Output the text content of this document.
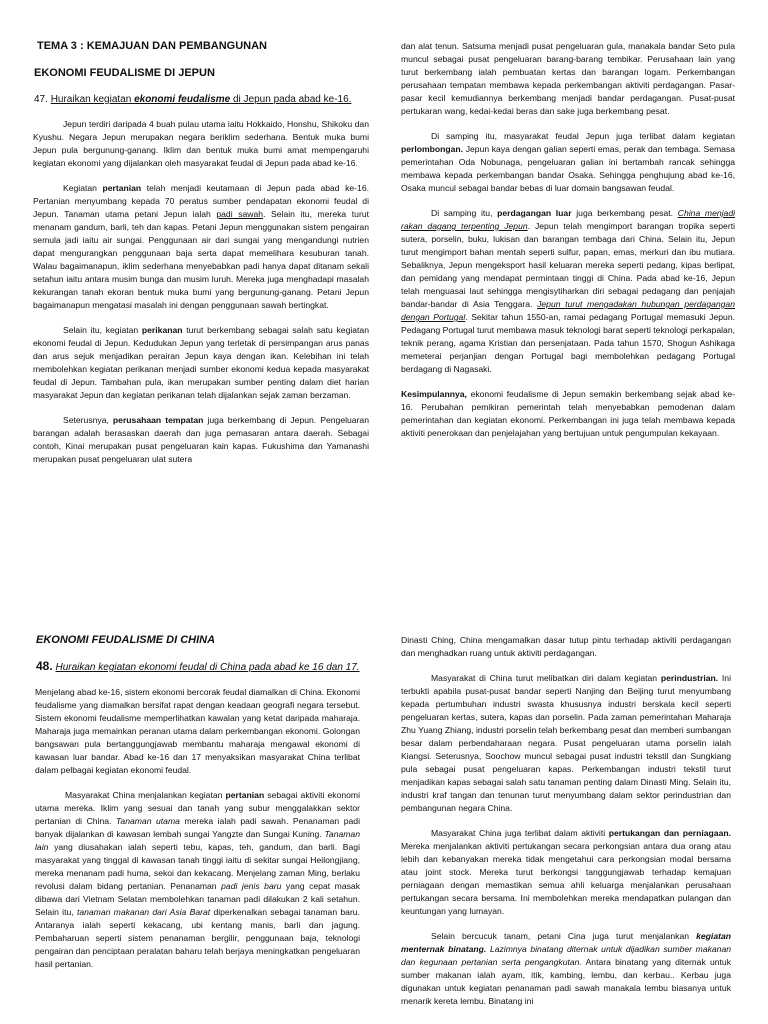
TEMA 3 : KEMAJUAN DAN PEMBANGUNAN
EKONOMI FEUDALISME DI JEPUN
47. Huraikan kegiatan ekonomi feudalisme di Jepun pada abad ke-16.

Jepun terdiri daripada 4 buah pulau utama iaitu Hokkaido, Honshu, Shikoku dan Kyushu. Negara Jepun merupakan negara beriklim sederhana. Bentuk muka bumi Jepun pula bergunung-ganang. Iklim dan bentuk muka bumi amat mempengaruhi kegiatan ekonomi yang dijalankan oleh masyarakat feudal di Jepun pada abad ke-16.

Kegiatan pertanian telah menjadi keutamaan di Jepun pada abad ke-16. Pertanian menyumbang kepada 70 peratus sumber pendapatan ekonomi feudal di Jepun. Tanaman utama petani Jepun ialah padi sawah. Selain itu, mereka turut menanam gandum, barli, teh dan kapas. Petani Jepun menggunakan sistem pengairan semula jadi iaitu air sungai. Penggunaan air dari sungai yang mengandungi nutrien dapat mengurangkan penggunaan baja serta dapat memelihara kesuburan tanah. Walau bagaimanapun, iklim sederhana menyebabkan padi hanya dapat ditanam sekali setahun iaitu antara musim bunga dan musim luruh. Mereka juga menghadapi masalah kekurangan tanah ekoran bentuk muka bumi yang bergunung-ganang. Petani Jepun bagaimanapun mengatasi masalah ini dengan penggunaan sawah bertingkat.

Selain itu, kegiatan perikanan turut berkembang sebagai salah satu kegiatan ekonomi feudal di Jepun. Kedudukan Jepun yang terletak di persimpangan arus panas dan arus sejuk menjadikan perairan Jepun kaya dengan ikan. Kelebihan ini telah membolehkan kegiatan perikanan menjadi sumber ekonomi kedua kepada masyarakat feudal di Jepun. Tambahan pula, ikan merupakan sumber penting dalam diet harian masyarakat Jepun dan kegiatan perikanan telah dijalankan sejak zaman berzaman.

Seterusnya, perusahaan tempatan juga berkembang di Jepun. Pengeluaran barangan adalah berasaskan daerah dan juga pemasaran antara daerah. Sebagai contoh, Kinai merupakan pusat pengeluaran kain kapas. Fukushima dan Yamanashi merupakan pusat pengeluaran ulat sutera

dan alat tenun. Satsuma menjadi pusat pengeluaran gula, manakala bandar Seto pula muncul sebagai pusat pengeluaran barang-barang tembikar. Perusahaan lain yang turut berkembang ialah pembuatan kertas dan barangan logam. Perkembangan perusahaan tempatan membawa kepada perkembangan aktiviti perdagangan. Pasar-pasar kecil kemudiannya berkembang menjadi bandar perdagangan. Pusat-pusat pertukaran wang, kedai-kedai beras dan sake juga berkembang pesat.

Di samping itu, masyarakat feudal Jepun juga terlibat dalam kegiatan perlombongan. Jepun kaya dengan galian seperti emas, perak dan tembaga. Semasa pemerintahan Oda Nobunaga, pengeluaran galian ini bertambah rancak sehingga membawa kepada perkembangan bandar Osaka. Sehingga penghujung abad ke-16, Osaka muncul sebagai bandar bebas di luar domain bangsawan feudal.

Di samping itu, perdagangan luar juga berkembang pesat. China menjadi rakan dagang terpenting Jepun. Jepun telah mengimport barangan tropika seperti sutera, porselin, buku, lukisan dan barangan tembaga dari China. Selain itu, Jepun turut mengimport bahan mentah seperti sulfur, papan, emas, merkuri dan ibu mutiara. Sebaliknya, Jepun mengeksport hasil keluaran mereka seperti pedang, kipas berlipat, dan pemidang yang mendapat permintaan tinggi di China. Pada abad ke-16, Jepun telah menguasai laut sehingga mengisytiharkan diri sebagai pedagang dan penjajah bandar-bandar di Asia Tenggara. Jepun turut mengadakan hubungan perdagangan dengan Portugal. Sekitar tahun 1550-an, ramai pedagang Portugal memasuki Jepun. Pedagang Portugal turut membawa masuk teknologi barat seperti teknologi perkapalan, teknik perang, agama Kristian dan persenjataan. Pada tahun 1570, Shogun Ashikaga memeterai perjanjian dengan Portugal bagi membolehkan pedagang Portugal berdagang di Nagasaki.

Kesimpulannya, ekonomi feudalisme di Jepun semakin berkembang sejak abad ke-16. Perubahan pemikiran pemerintah telah menyebabkan pemodenan dalam pemerintahan dan kegiatan ekonomi. Perkembangan ini juga telah membawa kepada aktiviti penerokaan dan penjelajahan yang bertujuan untuk pengumpulan kekayaan.

EKONOMI FEUDALISME DI CHINA
48. Huraikan kegiatan ekonomi feudal di China pada abad ke 16 dan 17.

Menjelang abad ke-16, sistem ekonomi bercorak feudal diamalkan di China. Ekonomi feudalisme yang diamalkan bersifat rapat dengan keadaan geografi negara tersebut. Sistem ekonomi feudalisme memperlihatkan kawalan yang ketat daripada maharaja. Maharaja juga memainkan peranan utama dalam perkembangan ekonomi. Golongan bangsawan pula bertanggungjawab membantu maharaja mengawal ekonomi di kawasan luar bandar. Abad ke-16 dan 17 menyaksikan masyarakat China terlibat dalam pelbagai kegiatan ekonomi feudal.

Masyarakat China menjalankan kegiatan pertanian sebagai aktiviti ekonomi utama mereka. Iklim yang sesuai dan tanah yang subur menggalakkan sektor pertanian di China. Tanaman utama mereka ialah padi sawah. Penanaman padi banyak dijalankan di kawasan lembah sungai Yangzte dan Sungai Kuning. Tanaman lain yang diusahakan ialah seperti tebu, kapas, teh, gandum, dan barli. Bagi masyarakat yang tinggal di kawasan tanah tinggi iaitu di sekitar sungai Heilongjiang, mereka menanam padi huma, sekoi dan kekacang. Menjelang zaman Ming, berlaku revolusi dalam bidang pertanian. Penanaman padi jenis baru yang cepat masak dibawa dari Vietnam Selatan membolehkan tanaman padi dilakukan 2 kali setahun. Selain itu, tanaman makanan dari Asia Barat diperkenalkan sebagai tanaman baru. Antaranya ialah seperti kekacang, ubi kentang manis, barli dan jagung. Pembaharuan seperti sistem penanaman bergilir, penggunaan baja, teknologi pengairan dan penciptaan peralatan baharu telah berjaya meningkatkan pengeluaran hasil pertanian.

Dinasti Ching, China mengamalkan dasar tutup pintu terhadap aktiviti perdagangan dan menghadkan ruang untuk aktiviti perdagangan.

Masyarakat di China turut melibatkan diri dalam kegiatan perindustrian. Ini terbukti apabila pusat-pusat bandar seperti Nanjing dan Beijing turut menyumbang kepada pertumbuhan industri swasta khususnya industri berskala kecil seperti pengeluaran kertas, sutera, kapas dan porselin. Pada zaman pemerintahan Maharaja Zhu Yuang Zhiang, industri porselin telah berkembang pesat dan memberi sumbangan besar dalam perbendaharaan negara. Pusat pengeluaran utama porselin ialah Kiangsi. Seterusnya, Soochow muncul sebagai pusat industri tekstil dan Sungkiang pula sebagai pusat pengeluaran kapas. Perkembangan industri tekstil turut menjadikan kapas sebagai salah satu tanaman penting dalam Dinasti Ming. Selain itu, industri kraf tangan dan tenunan turut menyumbang dalam sektor perindustrian dan pembangunan negara China.

Masyarakat China juga terlibat dalam aktiviti pertukangan dan perniagaan. Mereka menjalankan aktiviti pertukangan secara perkongsian antara dua orang atau lebih dan kebanyakan mereka tidak mengetahui cara perkongsian modal bersama atau joint stock. Mereka turut berkongsi tanggungjawab terhadap kemajuan perniagaan dengan memastikan semua ahli keluarga menjalankan perusahaan pertukangan secara bersama. Ini membolehkan mereka mendapatkan pulangan dan keuntungan yang lumayan.

Selain bercucuk tanam, petani Cina juga turut menjalankan kegiatan menternak binatang. Lazimnya binatang diternak untuk dijadikan sumber makanan dan kegunaan pertanian serta pengangkutan. Antara binatang yang diternak untuk sumber makanan ialah ayam, itik, kambing, lembu, dan kerbau.. Kerbau juga digunakan untuk kegiatan penanaman padi sawah manakala lembu biasanya untuk menarik kereta lembu. Binatang ini
